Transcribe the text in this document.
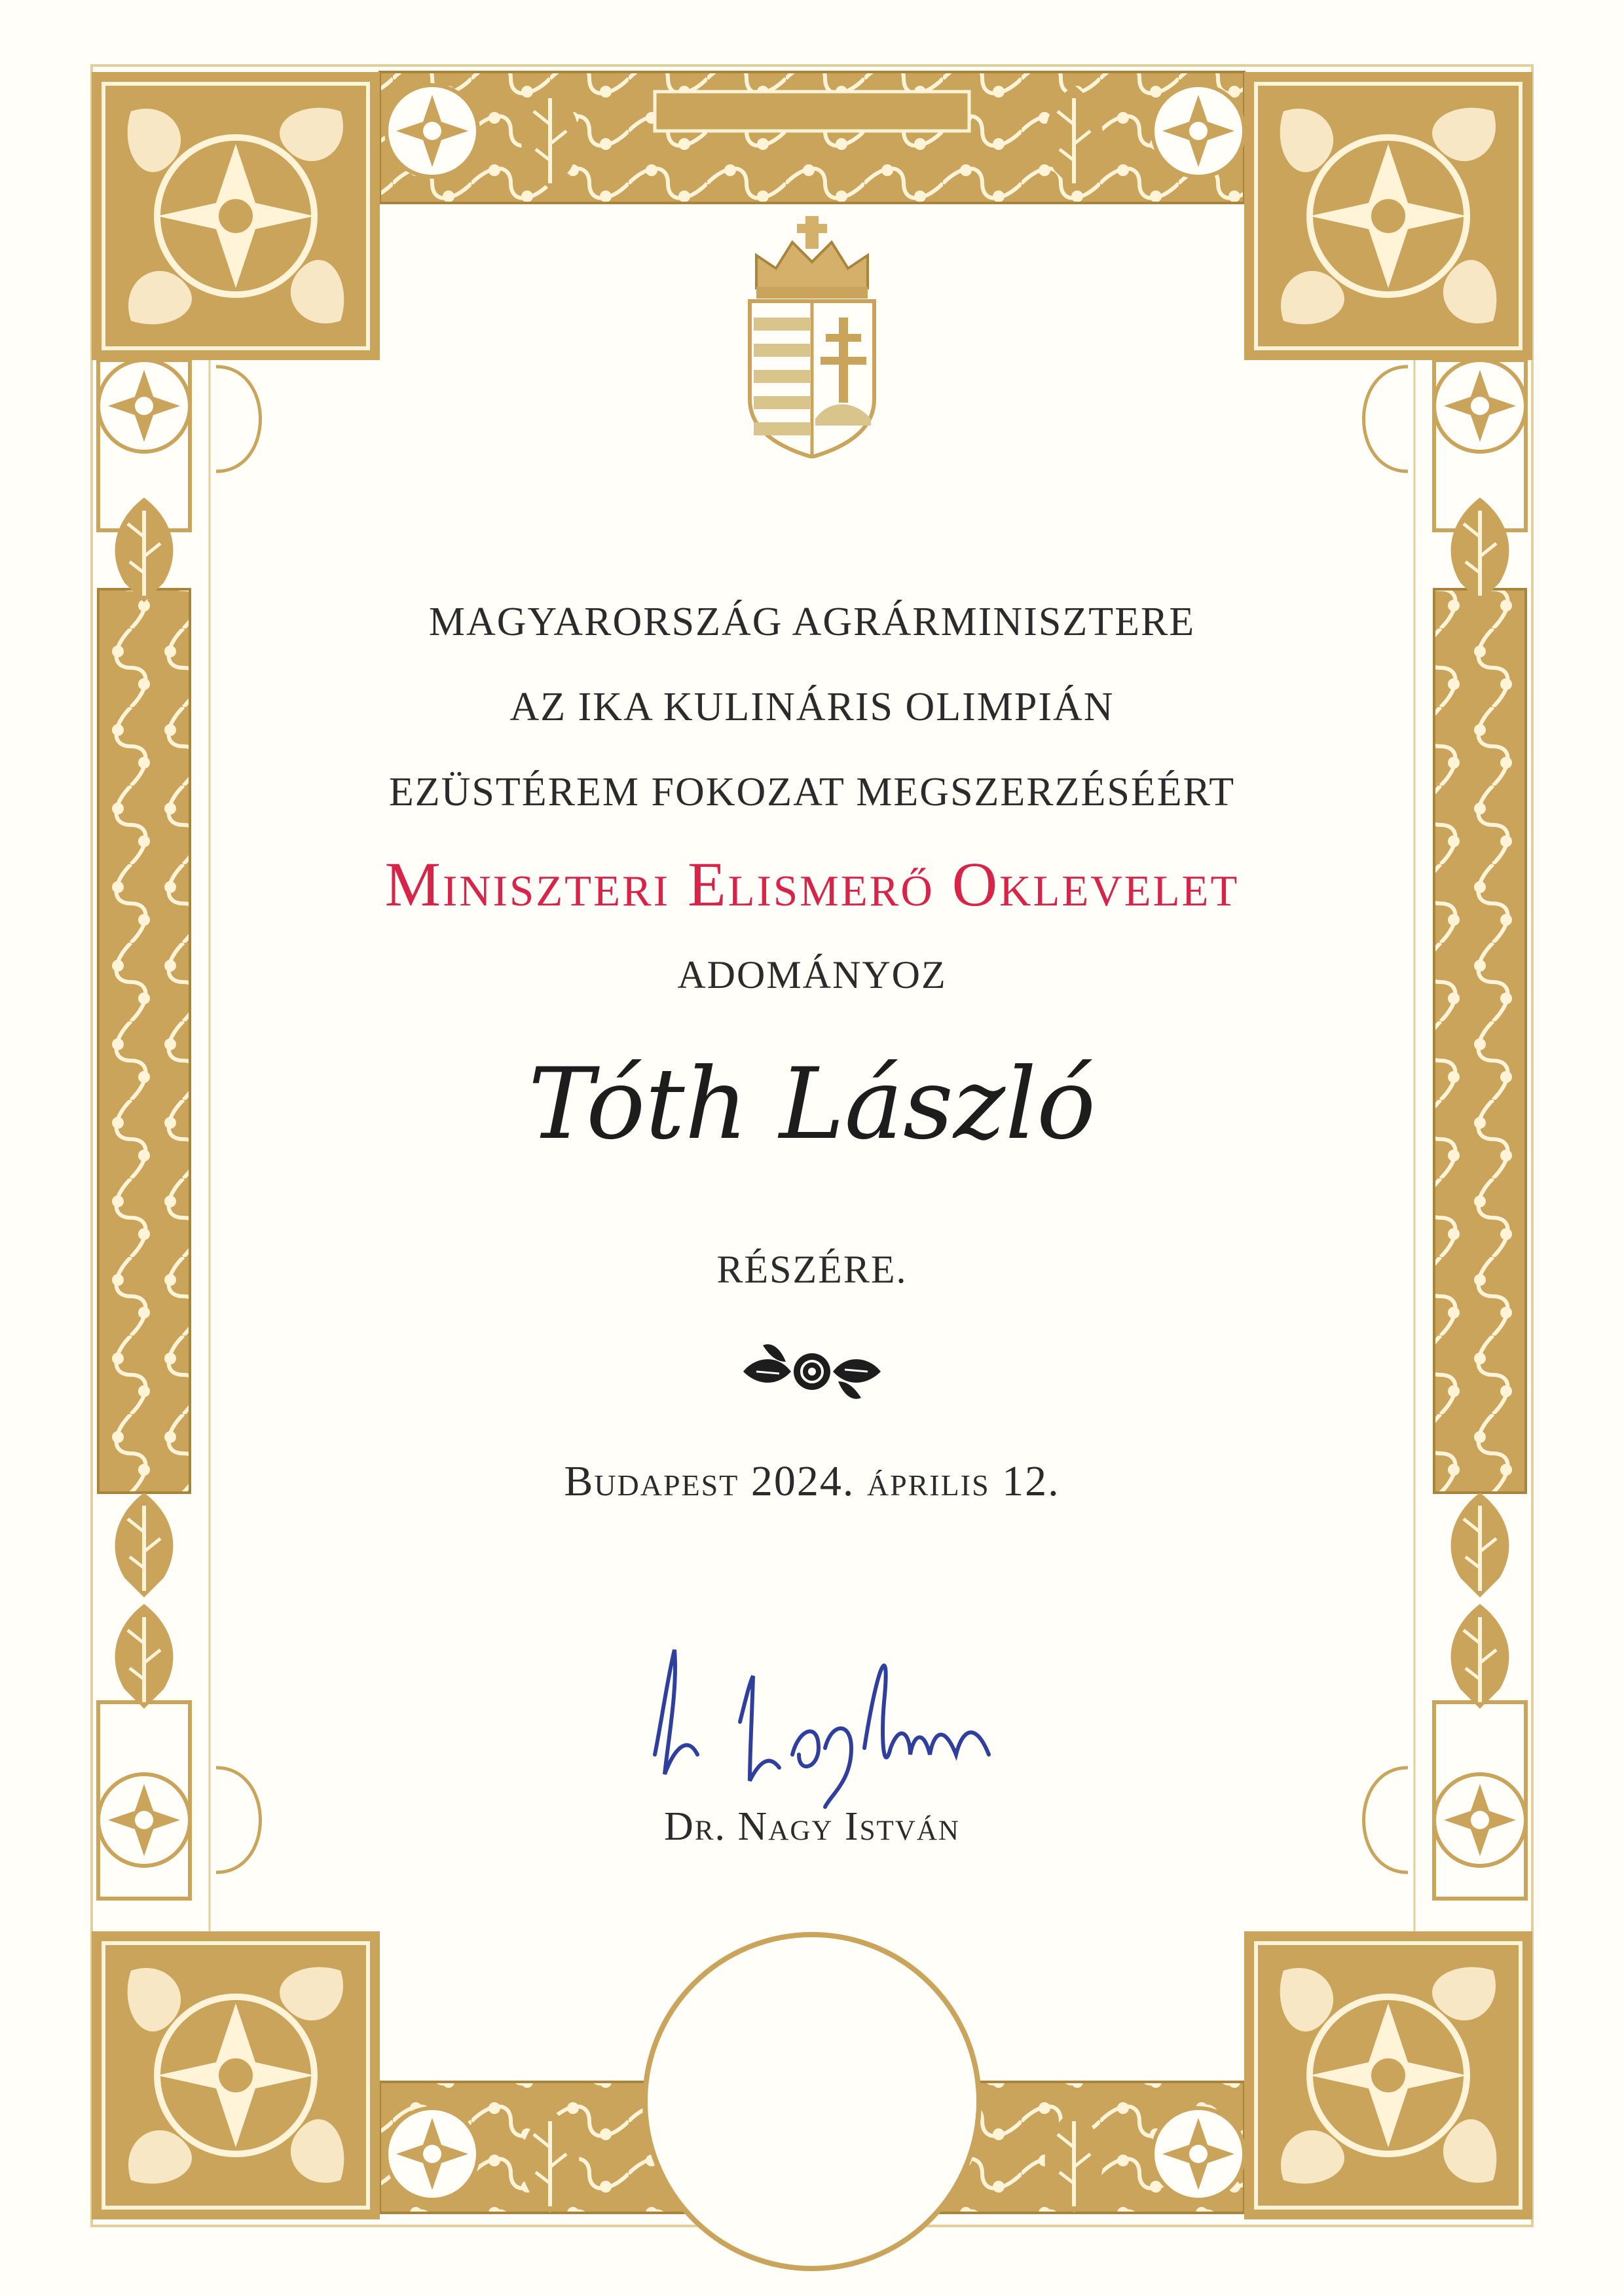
MAGYARORSZÁG AGRÁRMINISZTERE

AZ IKA KULINÁRIS OLIMPIÁN

EZÜSTÉREM FOKOZAT MEGSZERZÉSÉÉRT

Miniszteri Elismerő Oklevelet

ADOMÁNYOZ

Tóth László

RÉSZÉRE.

Budapest 2024. április 12.

Dr. Nagy István
